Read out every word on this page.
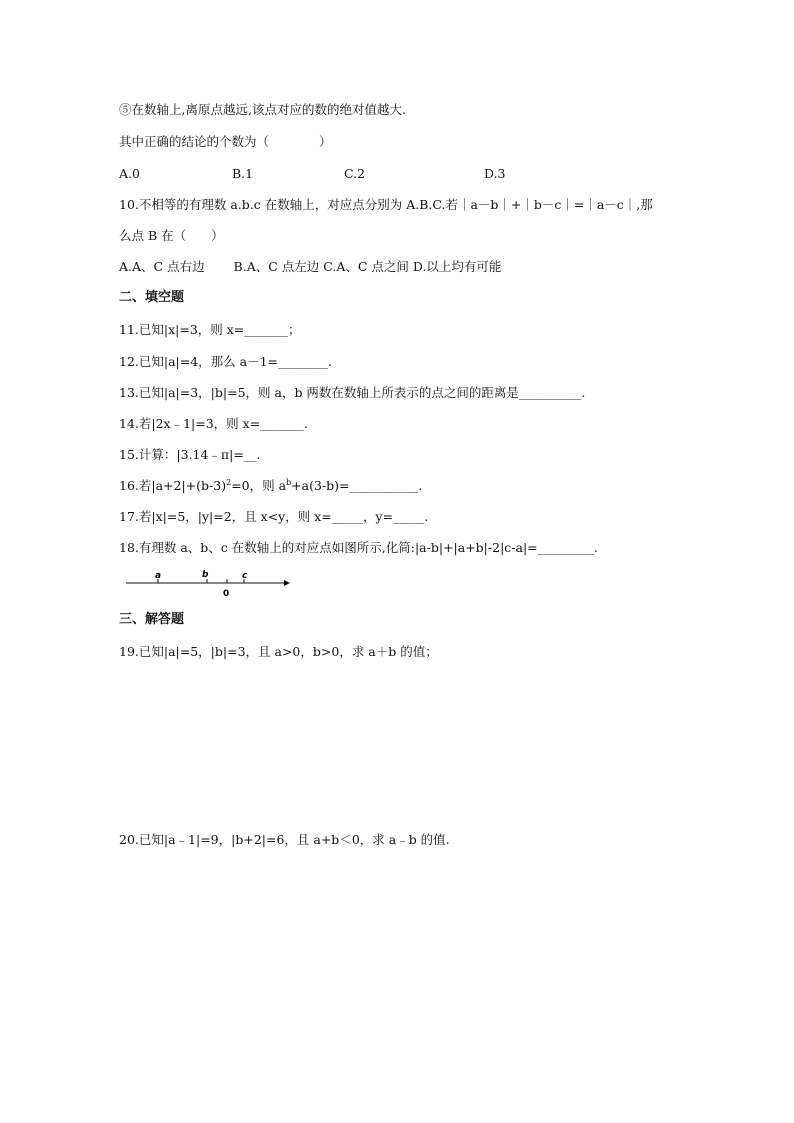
⑤在数轴上,离原点越远,该点对应的数的绝对值越大.
其中正确的结论的个数为（　　　　）
A.0	B.1	C.2	D.3
10.不相等的有理数 a.b.c 在数轴上，对应点分别为 A.B.C.若｜a－b｜+｜b－c｜=｜a－c｜,那
么点 B 在（　　）
A.A、C 点右边　　 B.A、C 点左边 C.A、C 点之间 D.以上均有可能
二、填空题
11.已知|x|=3，则 x=_______；
12.已知|a|=4，那么 a－1=________.
13.已知|a|=3，|b|=5，则 a，b 两数在数轴上所表示的点之间的距离是__________.
14.若|2x﹣1|=3，则 x=_______.
15.计算：|3.14﹣π|=__.
16.若$|a+2|+(b-3)^2=0$，则 $a^b+a(3-b)=\_\_\_\_\_\_\_\_\_\_\_$.
17.若|x|=5，|y|=2，且 x<y，则 x=_____，y=_____.
18.有理数 a、b、c 在数轴上的对应点如图所示,化简:|a-b|+|a+b|-2|c-a|=_________.
a	b	c
0
三、解答题
19.已知|a|=5，|b|=3，且 a>0，b>0，求 a＋b 的值；
20.已知|a﹣1|=9，|b+2|=6，且 a+b＜0，求 a﹣b 的值.
